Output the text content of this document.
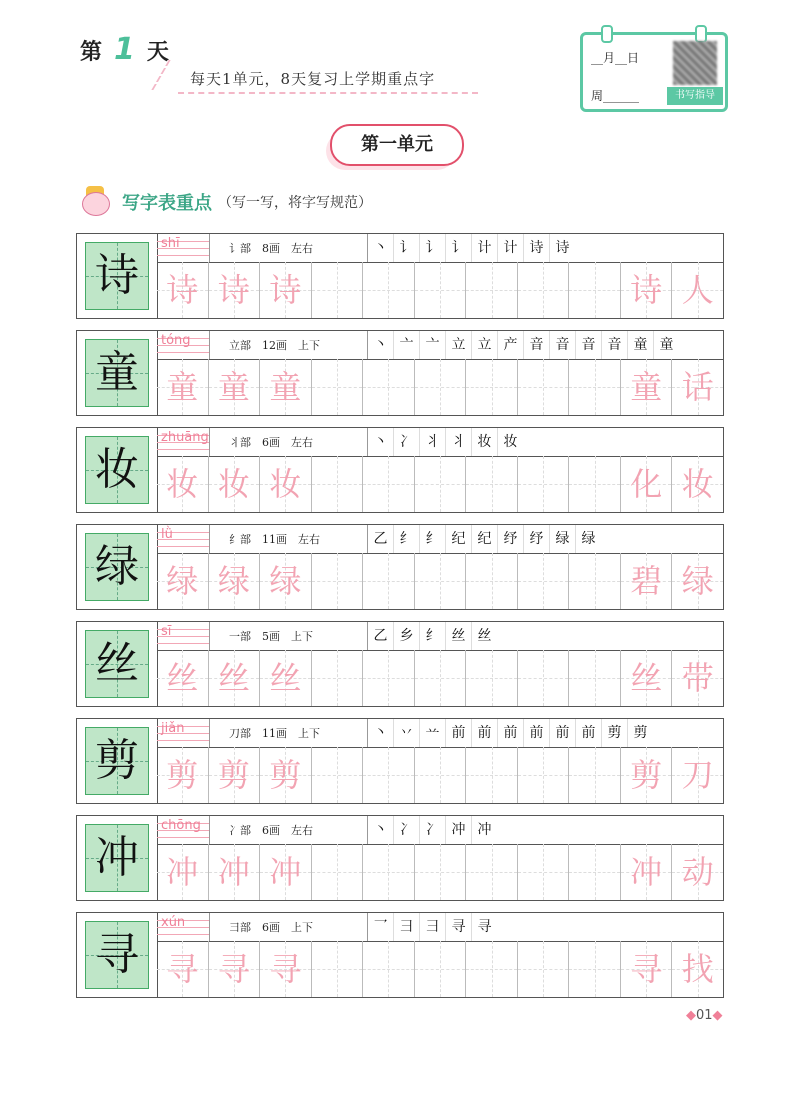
第 1 天
每天1单元，8天复习上学期重点字
__月__日
周______	书写指导
第一单元
写字表重点 （写一写，将字写规范）
诗
shī	讠部　8画　左右	丶 讠 讠 讠 计 计 诗 诗
诗 诗 诗	诗 人
童
tóng	立部　12画　上下	丶 亠 亠 立 立 产 音 音 音 音 童 童
童 童 童	童 话
妆
zhuāng 丬部　6画　左右	丶 冫 丬 丬 妆 妆
妆 妆 妆	化 妆
绿
lǜ	纟部　11画　左右	乙 纟 纟 纪 纪 纾 纾 绿 绿
绿 绿 绿	碧 绿
丝
sī	一部　5画　上下	乙 乡 纟 丝 丝
丝 丝 丝	丝 带
剪
jiǎn	刀部　11画　上下	丶 丷 䒑 前 前 前 前 前 前 剪 剪
剪 剪 剪	剪 刀
冲
chōng	冫部　6画　左右	丶 冫 冫 冲 冲
冲 冲 冲	冲 动
寻
xún	彐部　6画　上下	乛 彐 彐 寻 寻
寻 寻 寻	寻 找
◆01◆
